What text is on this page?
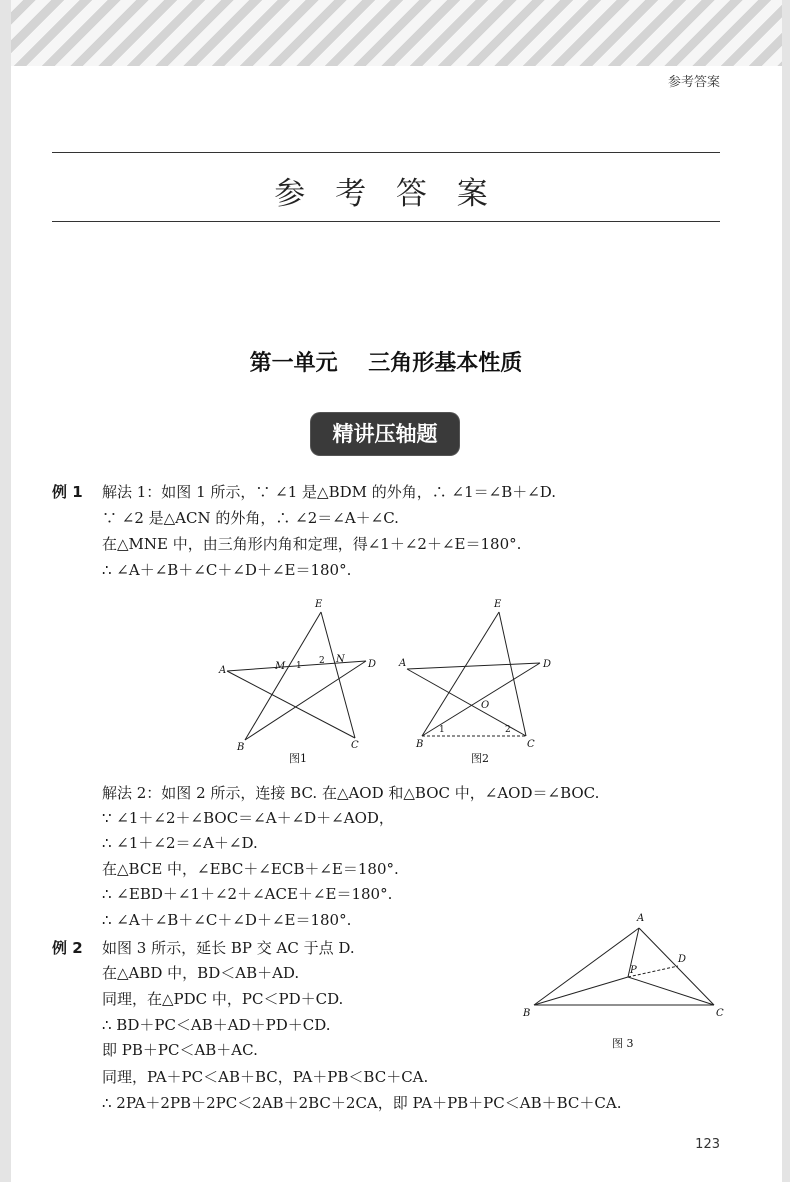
参考答案
参 考 答 案
第一单元    三角形基本性质
精讲压轴题
例 1 解法 1：如图 1 所示，∵ ∠1 是△BDM 的外角，∴ ∠1＝∠B＋∠D.
∵ ∠2 是△ACN 的外角，∴ ∠2＝∠A＋∠C.
在△MNE 中，由三角形内角和定理，得∠1＋∠2＋∠E＝180°.
∴ ∠A＋∠B＋∠C＋∠D＋∠E＝180°.
E
A
D
B	C
M
N
1 2
图1
E
A	D
B	C
O
1	2
图2
解法 2：如图 2 所示，连接 BC. 在△AOD 和△BOC 中，∠AOD＝∠BOC.
∵ ∠1＋∠2＋∠BOC＝∠A＋∠D＋∠AOD，
∴ ∠1＋∠2＝∠A＋∠D.
在△BCE 中，∠EBC＋∠ECB＋∠E＝180°.
∴ ∠EBD＋∠1＋∠2＋∠ACE＋∠E＝180°.
∴ ∠A＋∠B＋∠C＋∠D＋∠E＝180°.
例 2 如图 3 所示，延长 BP 交 AC 于点 D.
在△ABD 中，BD＜AB＋AD.
同理，在△PDC 中，PC＜PD＋CD.
∴ BD＋PC＜AB＋AD＋PD＋CD.
即 PB＋PC＜AB＋AC.
同理，PA＋PC＜AB＋BC，PA＋PB＜BC＋CA.
∴ 2PA＋2PB＋2PC＜2AB＋2BC＋2CA，即 PA＋PB＋PC＜AB＋BC＋CA.
A
B	C
D
P
图 3
123
